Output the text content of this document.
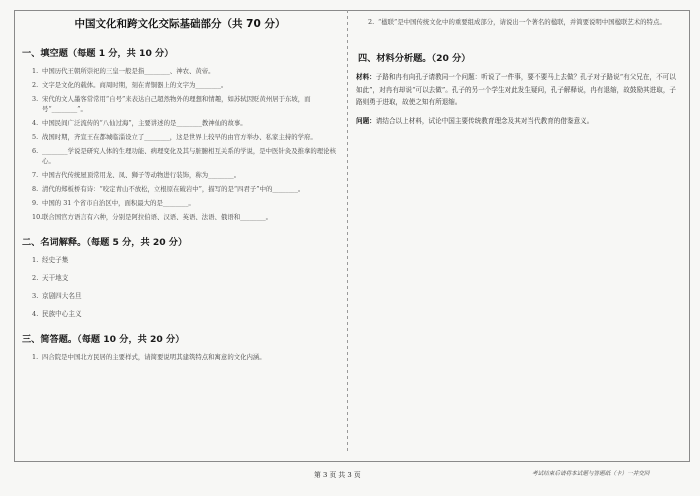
中国文化和跨文化交际基础部分（共 70 分）
一、填空题（每题 1 分，共 10 分）
1. 中国历代王朝所崇祀的三皇一般是指________、神农、黄帝。
2. 文字是文化的载体。商周时期，刻在青铜器上的文字为________。
3. 宋代的文人墨客常常用“自号”来表达自己超然物外的理想和情趣，如苏轼因贬黄州居于东坡，而号“________”。
4. 中国民间广泛流传的“八仙过海”，主要讲述的是________教神仙的故事。
5. 战国时期，齐宣王在都城临淄设立了________，这是世界上较早的由官方举办、私家主持的学府。
6. ________学说是研究人体的生理功能、病理变化及其与脏腑相互关系的学说，是中医针灸及推拿的理论核心。
7. 中国古代传统屋顶常用龙、凤、狮子等动物进行装饰，称为________。
8. 清代的郑板桥有诗：“咬定青山不放松，立根原在破岩中”，描写的是“四君子”中的________。
9. 中国的 31 个省市自治区中，面积最大的是________。
10.联合国官方语言有六种，分别是阿拉伯语、汉语、英语、法语、俄语和________。
二、名词解释。（每题 5 分，共 20 分）
1. 经史子集
2. 天干地支
3. 京剧四大名旦
4. 民族中心主义
三、简答题。（每题 10 分，共 20 分）
1. 四合院是中国北方民居的主要样式，请简要说明其建筑特点和寓意的文化内涵。
2. “楹联”是中国传统文化中的重要组成部分，请说出一个著名的楹联，并简要说明中国楹联艺术的特点。
四、材料分析题。（20 分）
材料：子路和冉有向孔子请教同一个问题：听说了一件事，要不要马上去做？孔子对子路说“有父兄在，不可以如此”，对冉有却说“可以去做”。孔子的另一个学生对此发生疑问，孔子解释说，冉有退缩，故鼓励其进取，子路则勇于进取，故使之知有所退缩。
问题：请结合以上材料，试论中国主要传统教育理念及其对当代教育的借鉴意义。
第 3 页 共 3 页	考试结束后请将本试题与答题纸（卡）一并交回
